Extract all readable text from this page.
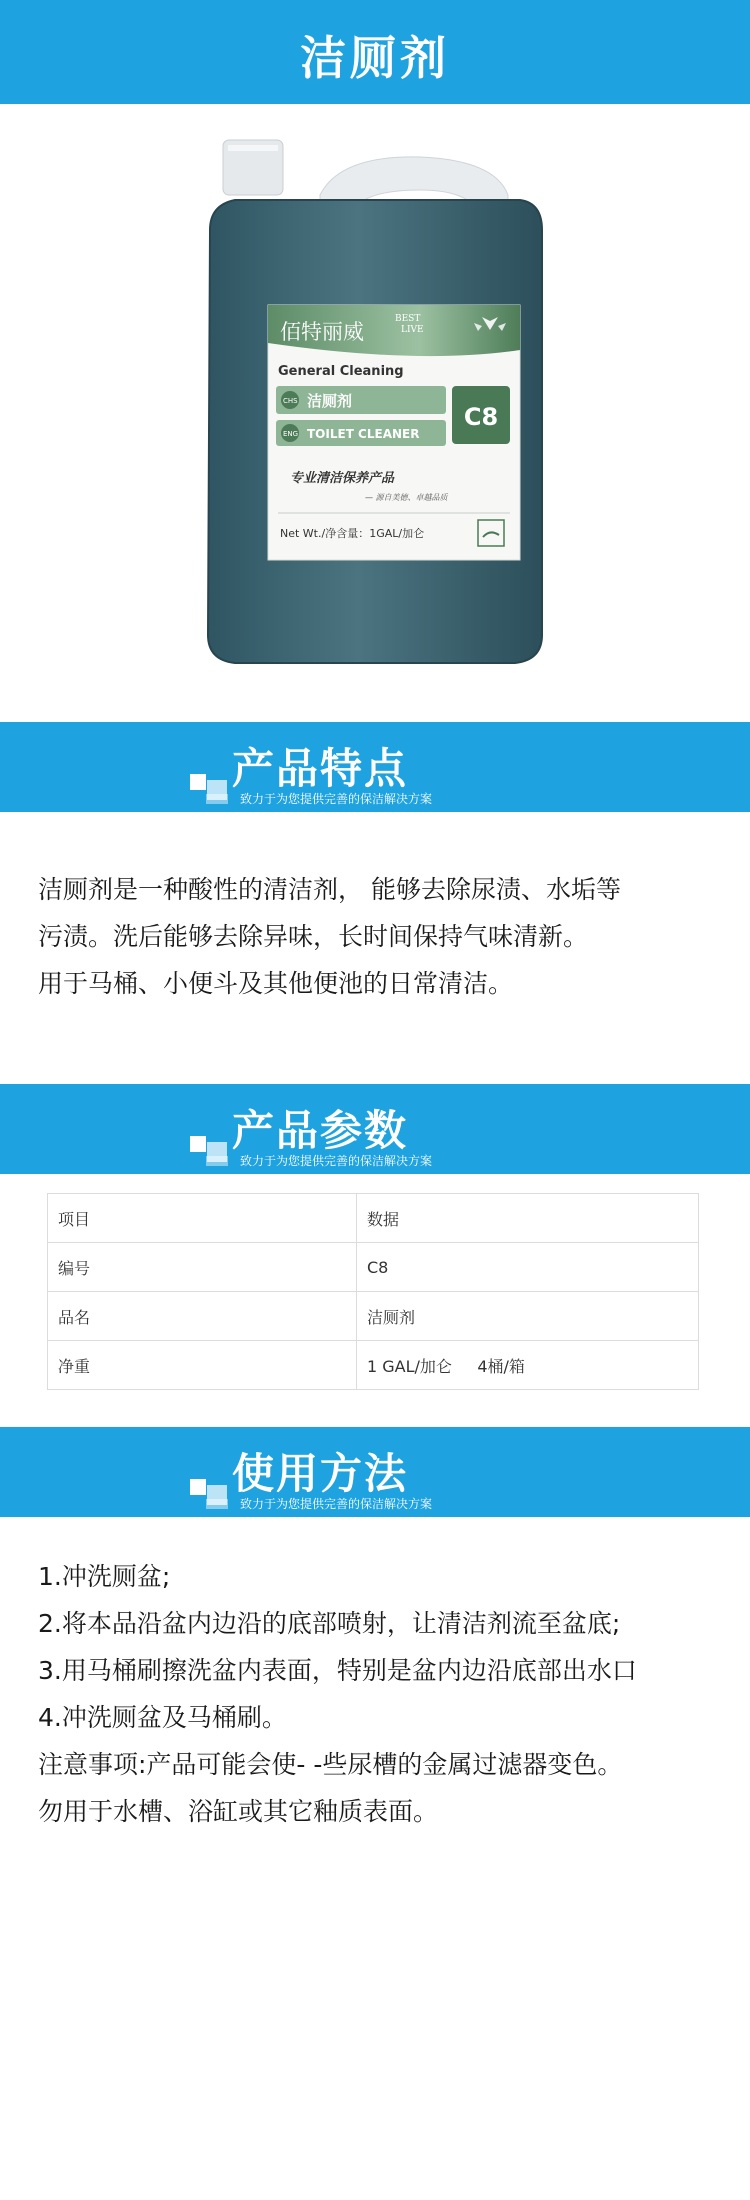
洁厕剂
佰特丽威
BEST
LIVE
General Cleaning
CHS 洁厕剂
ENG TOILET CLEANER
C8
专业清洁保养产品
— 源自美德、卓越品质
Net Wt./净含量：1GAL/加仑
产品特点
致力于为您提供完善的保洁解决方案
洁厕剂是一种酸性的清洁剂， 能够去除尿渍、水垢等
污渍。洗后能够去除异味，长时间保持气味清新。
用于马桶、小便斗及其他便池的日常清洁。
产品参数
致力于为您提供完善的保洁解决方案
项目	数据
编号	C8
品名	洁厕剂
净重	1 GAL/加仑     4桶/箱
使用方法
致力于为您提供完善的保洁解决方案
1.冲洗厕盆;
2.将本品沿盆内边沿的底部喷射，让清洁剂流至盆底;
3.用马桶刷擦洗盆内表面，特别是盆内边沿底部出水口
4.冲洗厕盆及马桶刷。
注意事项:产品可能会使- -些尿槽的金属过滤器变色。
勿用于水槽、浴缸或其它釉质表面。
